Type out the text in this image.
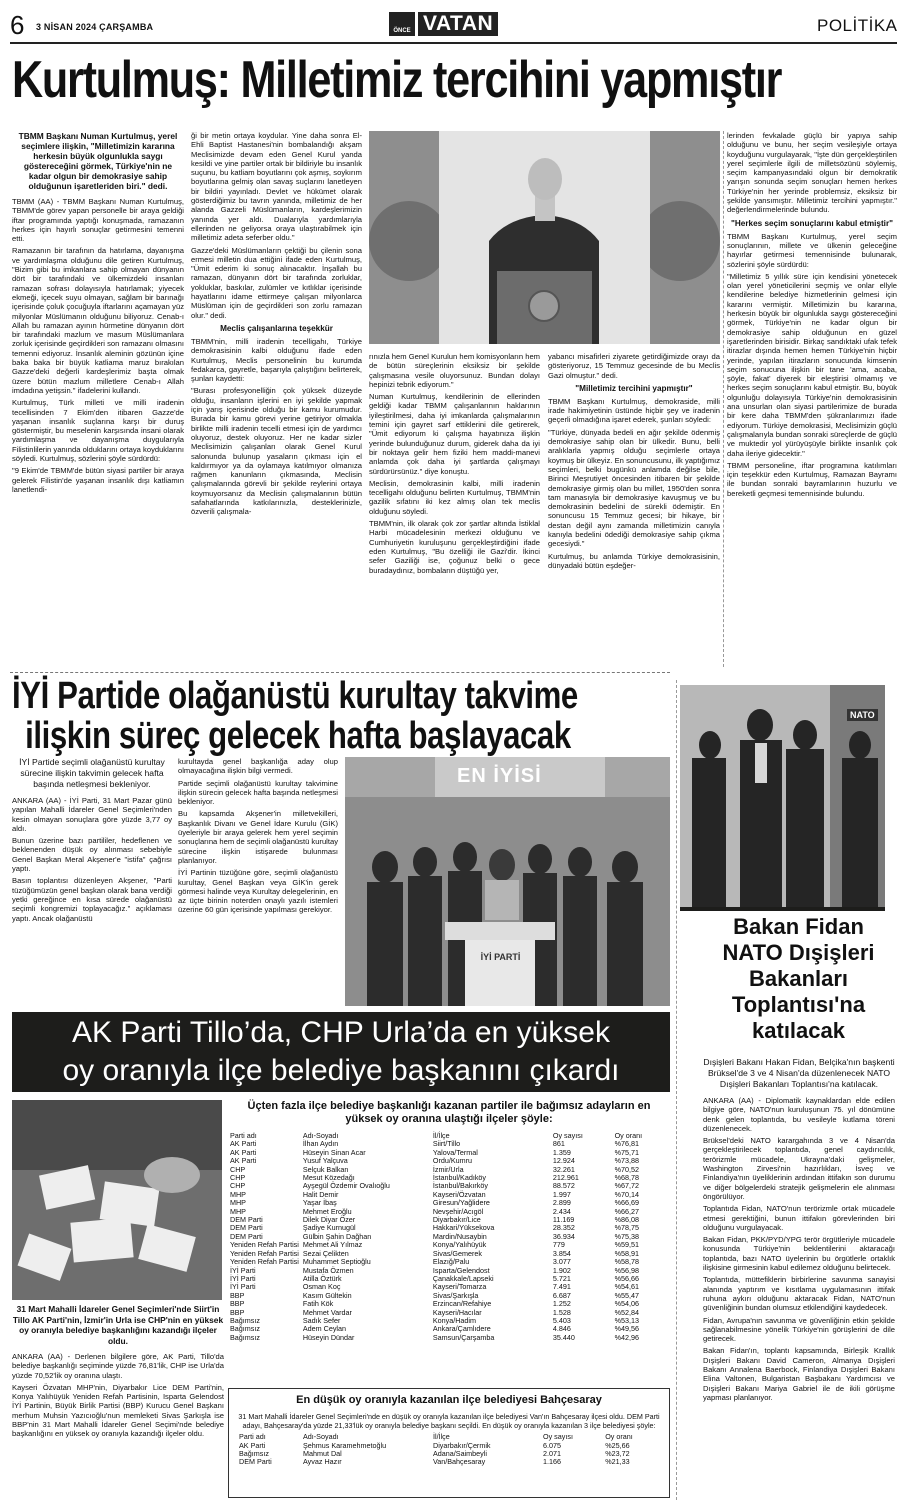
6 3 NİSAN 2024 ÇARŞAMBA	ÖNCE VATAN	POLİTİKA
Kurtulmuş: Milletimiz tercihini yapmıştır
TBMM Başkanı Numan Kurtulmuş, yerel seçimlere ilişkin, "Milletimizin kararına herkesin büyük olgunlukla saygı göstereceğini görmek, Türkiye'nin ne kadar olgun bir demokrasiye sahip olduğunun işaretleriden biri." dedi.

TBMM (AA) - TBMM Başkanı Numan Kurtulmuş, TBMM'de görev yapan personelle bir araya geldiği iftar programında yaptığı konuşmada, ramazanın herkes için hayırlı sonuçlar getirmesini temenni etti.

Ramazanın bir tarafının da hatırlama, dayanışma ve yardımlaşma olduğunu dile getiren Kurtulmuş, "Bizim gibi bu imkanlara sahip olmayan dünyanın dört bir tarafındaki ve ülkemizdeki insanları ramazan sofrası dolayısıyla hatırlamak; yiyecek ekmeği, içecek suyu olmayan, sağlam bir barınağı içerisinde çoluk çocuğuyla iftarlarını açamayan yüz milyonlar Müslümanın olduğunu biliyoruz. Cenab-ı Allah bu ramazan ayının hürmetine dünyanın dört bir tarafındaki mazlum ve masum Müslümanlara zorluk içerisinde geçirdikleri son ramazanı olmasını temenni ediyoruz. İnsanlık aleminin gözünün içine baka baka bir büyük katliama maruz bırakılan Gazze'deki değerli kardeşlerimiz başta olmak üzere bütün mazlum milletlere Cenab-ı Allah imdadına yetişsin." ifadelerini kullandı.

Kurtulmuş, Türk milleti ve milli iradenin tecellisinden 7 Ekim'den itibaren Gazze'de yaşanan insanlık suçlarına karşı bir duruş göstermiştir, bu meselenin karşısında insani olarak yardımlaşma ve dayanışma duygularıyla Filistinlilerin yanında olduklarını ortaya koyduklarını söyledi. Kurtulmuş, sözlerini şöyle sürdürdü:

"9 Ekim'de TBMM'de bütün siyasi partiler bir araya gelerek Filistin'de yaşanan insanlık dışı katliamın lanetlendi-

ği bir metin ortaya koydular. Yine daha sonra El-Ehli Baptist Hastanesi'nin bombalandığı akşam Meclisimizde devam eden Genel Kurul yanda kesildi ve yine partiler ortak bir bildiriyle bu insanlık suçunu, bu katliam boyutlarını çok aşmış, soykırım boyutlarına gelmiş olan savaş suçlarını lanetleyen bir bildiri yayınladı. Devlet ve hükümet olarak gösterdiğimiz bu tavrın yanında, milletimiz de her alanda Gazzeli Müslümanların, kardeşlerimizin yanında yer aldı. Dualarıyla yardımlarıyla ellerinden ne geliyorsa oraya ulaştırabilmek için milletimiz adeta seferber oldu."

Gazze'deki Müslümanların çektiği bu çilenin sona ermesi milletin dua ettiğini ifade eden Kurtulmuş, "Ümit ederim ki sonuç alınacaktır. İnşallah bu ramazan, dünyanın dört bir tarafında zorluklar, yokluklar, baskılar, zulümler ve kıtlıklar içerisinde hayatlarını idame ettirmeye çalışan milyonlarca Müslüman için de geçirdikleri son zorlu ramazan olur." dedi.

Meclis çalışanlarına teşekkür

TBMM'nin, milli iradenin tecelligahı, Türkiye demokrasisinin kalbi olduğunu ifade eden Kurtulmuş, Meclis personelinin bu kurumda fedakarca, gayretle, başarıyla çalıştığını belirterek, şunları kaydetti:

"Burası profesyonelliğin çok yüksek düzeyde olduğu, insanların işlerini en iyi şekilde yapmak için yarış içerisinde olduğu bir kamu kurumudur. Burada bir kamu görevi yerine getiriyor olmakla birlikte milli iradenin tecelli etmesi için de yardımcı oluyoruz, destek oluyoruz. Her ne kadar sizler Meclisimizin çalışanları olarak Genel Kurul salonunda bulunup yasaların çıkması için el kaldırmıyor ya da oylamaya katılmıyor olmanıza rağmen kanunların çıkmasında, Meclisin çalışmalarında görevli bir şekilde reylerini ortaya koymuyorsanız da Meclisin çalışmalarının bütün safahatlarında katkılarınızla, desteklerinizle, özverili çalışmala-

rınızla hem Genel Kurulun hem komisyonların hem de bütün süreçlerinin eksiksiz bir şekilde çalışmasına vesile oluyorsunuz. Bundan dolayı hepinizi tebrik ediyorum."

Numan Kurtulmuş, kendilerinin de ellerinden geldiği kadar TBMM çalışanlarının haklarının iyileştirilmesi, daha iyi imkanlarda çalışmalarının temini için gayret sarf ettiklerini dile getirerek, "Ümit ediyorum ki çalışma hayatınıza ilişkin yerinde bulunduğunuz durum, giderek daha da iyi bir noktaya gelir hem fiziki hem maddi-manevi anlamda çok daha iyi şartlarda çalışmayı sürdürürsünüz." diye konuştu.

Meclisin, demokrasinin kalbi, milli iradenin tecelligahı olduğunu belirten Kurtulmuş, TBMM'nin gazilik sıfatını iki kez almış olan tek meclis olduğunu söyledi.

TBMM'nin, ilk olarak çok zor şartlar altında İstiklal Harbi mücadelesinin merkezi olduğunu ve Cumhuriyetin kuruluşunu gerçekleştirdiğini ifade eden Kurtulmuş, "Bu özelliği ile Gazi'dir. İkinci sefer Gaziliği ise, çoğunuz belki o gece buradaydınız, bombaların düştüğü yer,

yabancı misafirleri ziyarete getirdiğimizde orayı da gösteriyoruz, 15 Temmuz gecesinde de bu Meclis Gazi olmuştur." dedi.

"Milletimiz tercihini yapmıştır"

TBMM Başkanı Kurtulmuş, demokraside, milli irade hakimiyetinin üstünde hiçbir şey ve iradenin geçerli olmadığına işaret ederek, şunları söyledi:

"Türkiye, dünyada bedeli en ağır şekilde ödenmiş demokrasiye sahip olan bir ülkedir. Bunu, belli aralıklarla yapmış olduğu seçimlerle ortaya koymuş bir ülkeyiz. En sonuncusunu, ilk yaptığımız seçimleri, belki bugünkü anlamda değilse bile, Birinci Meşrutiyet öncesinden itibaren bir şekilde demokrasiye girmiş olan bu millet, 1950'den sonra tam manasıyla bir demokrasiye kavuşmuş ve bu demokrasinin bedelini de sürekli ödemiştir. En sonuncusu 15 Temmuz gecesi; bir hikaye, bir destan değil aynı zamanda milletimizin canıyla kanıyla bedelini ödediği demokrasiye sahip çıkma gecesiydi."

Kurtulmuş, bu anlamda Türkiye demokrasisinin, dünyadaki bütün eşdeğer-

lerinden fevkalade güçlü bir yapıya sahip olduğunu ve bunu, her seçim vesileşiyle ortaya koyduğunu vurgulayarak, "İşte dün gerçekleştirilen yerel seçimlerle ilgili de milletsözünü söylemiş, seçim kampanyasındaki olgun bir demokratik yarışın sonunda seçim sonuçları hemen herkes Türkiye'nin her yerinde problemsiz, eksiksiz bir şekilde yansımıştır. Milletimiz tercihini yapmıştır." değerlendirmelerinde bulundu.

"Herkes seçim sonuçlarını kabul etmiştir"

TBMM Başkanı Kurtulmuş, yerel seçim sonuçlarının, millete ve ülkenin geleceğine hayırlar getirmesi temennisinde bulunarak, sözlerini şöyle sürdürdü:

"Milletimiz 5 yıllık süre için kendisini yönetecek olan yerel yöneticilerini seçmiş ve onlar ellyle kendilerine belediye hizmetlerinin gelmesi için kararını vermiştir. Milletimizin bu kararına, herkesin büyük bir olgunlukla saygı göstereceğini görmek, Türkiye'nin ne kadar olgun bir demokrasiye sahip olduğunun en güzel işaretlerinden birisidir. Birkaç sandıktaki ufak tefek itirazlar dışında hemen hemen Türkiye'nin hiçbir yerinde, yapılan itirazların sonucunda kimsenin seçim sonucuna ilişkin bir tane 'ama, acaba, şöyle, fakat' diyerek bir eleştirisi olmamış ve herkes seçim sonuçlarını kabul etmiştir. Bu, büyük olgunluğu dolayısıyla Türkiye'nin demokrasisinin ana unsurları olan siyasi partilerimize de burada bir kere daha TBMM'den şükranlarımızı ifade ediyorum. Türkiye demokrasisi, Meclisimizin güçlü çalışmalarıyla bundan sonraki süreçlerde de güçlü ve muktedir yol yürüyüşüyle birlikte insanlık çok daha ileriye gidecektir."

TBMM personeline, iftar programına katılımları için teşekkür eden Kurtulmuş, Ramazan Bayramı ile bundan sonraki bayramlarının huzurlu ve bereketli geçmesi temennisinde bulundu.

İYİ Partide olağanüstü kurultay takvime
ilişkin süreç gelecek hafta başlayacak
İYİ Partide seçimli olağanüstü kurultay sürecine ilişkin takvimin gelecek hafta başında netleşmesi bekleniyor.

ANKARA (AA) - İYİ Parti, 31 Mart Pazar günü yapılan Mahalli İdareler Genel Seçimleri'nden kesin olmayan sonuçlara göre yüzde 3,77 oy aldı.

Bunun üzerine bazı partililer, hedeflenen ve beklenenden düşük oy alınması sebebiyle Genel Başkan Meral Akşener'e "istifa" çağrısı yaptı.

Basın toplantısı düzenleyen Akşener, "Parti tüzüğümüzün genel başkan olarak bana verdiği yetki gereğince en kısa sürede olağanüstü seçimli kongremizi toplayacağız." açıklaması yaptı. Ancak olağanüstü

kurultayda genel başkanlığa aday olup olmayacağına ilişkin bilgi vermedi.

Partide seçimli olağanüstü kurultay takvimine ilişkin sürecin gelecek hafta başında netleşmesi bekleniyor.

Bu kapsamda Akşener'in milletvekilleri, Başkanlık Divanı ve Genel İdare Kurulu (GİK) üyeleriyle bir araya gelerek hem yerel seçimin sonuçlarına hem de seçimli olağanüstü kurultay sürecine ilişkin istişarede bulunması planlanıyor.

İYİ Partinin tüzüğüne göre, seçimli olağanüstü kurultay, Genel Başkan veya GİK'in gerek görmesi halinde veya Kurultay delegelerinin, en az üçte birinin noterden onaylı yazılı istemleri üzerine 60 gün içerisinde yapılması gerekiyor.

EN İYİSİ
İYİ PARTİ
NATO
Bakan Fidan NATO Dışişleri Bakanları Toplantısı'na katılacak
Dışişleri Bakanı Hakan Fidan, Belçika'nın başkenti Brüksel'de 3 ve 4 Nisan'da düzenlenecek NATO Dışişleri Bakanları Toplantısı'na katılacak.

ANKARA (AA) - Diplomatik kaynaklardan elde edilen bilgiye göre, NATO'nun kuruluşunun 75. yıl dönümüne denk gelen toplantıda, bu vesileyle kutlama töreni düzenlenecek.

Brüksel'deki NATO karargahında 3 ve 4 Nisan'da gerçekleştirilecek toplantıda, genel caydırıcılık, terörizmle mücadele, Ukrayna'daki gelişmeler, Washington Zirvesi'nin hazırlıkları, İsveç ve Finlandiya'nın üyeliklerinin ardından ittifakın son durumu ve diğer bölgelerdeki stratejik gelişmelerin ele alınması öngörülüyor.

Toplantıda Fidan, NATO'nun terörizmle ortak mücadele etmesi gerektiğini, bunun ittifakın görevlerinden biri olduğunu vurgulayacak.

Bakan Fidan, PKK/PYD/YPG terör örgütleriyle mücadele konusunda Türkiye'nin beklentilerini aktaracağı toplantıda, bazı NATO üyelerinin bu örgütlerle ortaklık ilişkisine girmesinin kabul edilemez olduğunu belirtecek.

Toplantıda, müttefiklerin birbirlerine savunma sanayisi alanında yaptırım ve kısıtlama uygulamasının ittifak ruhuna aykırı olduğunu aktaracak Fidan, NATO'nun güvenliğinin bundan olumsuz etkilendiğini kaydedecek.

Fidan, Avrupa'nın savunma ve güvenliğinin etkin şekilde sağlanabilmesine yönelik Türkiye'nin görüşlerini de dile getirecek.

Bakan Fidan'ın, toplantı kapsamında, Birleşik Krallık Dışişleri Bakanı David Cameron, Almanya Dışişleri Bakanı Annalena Baerbock, Finlandiya Dışişleri Bakanı Elina Valtonen, Bulgaristan Başbakanı Yardımcısı ve Dışişleri Bakanı Mariya Gabriel ile de ikili görüşme yapması planlanıyor.

AK Parti Tillo’da, CHP Urla’da en yüksek
oy oranıyla ilçe belediye başkanını çıkardı
31 Mart Mahalli İdareler Genel Seçimleri'nde Siirt'in Tillo AK Parti'nin, İzmir'in Urla ise CHP'nin en yüksek oy oranıyla belediye başkanlığını kazandığı ilçeler oldu.

ANKARA (AA) - Derlenen bilgilere göre, AK Parti, Tillo'da belediye başkanlığı seçiminde yüzde 76,81'lik, CHP ise Urla'da yüzde 70,52'lik oy oranına ulaştı.

Kayseri Özvatan MHP'nin, Diyarbakır Lice DEM Parti'nin, Konya Yalıhüyük Yeniden Refah Partisinin, Isparta Gelendost İYİ Partinin, Büyük Birlik Partisi (BBP) Kurucu Genel Başkanı merhum Muhsin Yazıcıoğlu'nun memleketi Sivas Şarkışla ise BBP'nin 31 Mart Mahalli İdareler Genel Seçimi'nde belediye başkanlığını en yüksek oy oranıyla kazandığı ilçeler oldu.

Üçten fazla ilçe belediye başkanlığı kazanan partiler ile bağımsız adayların en yüksek oy oranına ulaştığı ilçeler şöyle:
Parti adı	Adı-Soyadı	İl/İlçe	Oy sayısı	Oy oranı
AK Parti	İlhan Aydın	Siirt/Tillo	861	%76,81
AK Parti	Hüseyin Sinan Acar	Yalova/Termal	1.359	%75,71
AK Parti	Yusuf Yalçuva	Ordu/Kumru	12.924	%73,88
CHP	Selçuk Balkan	İzmir/Urla	32.261	%70,52
CHP	Mesut Közedağı	İstanbul/Kadıköy	212.961	%68,78
CHP	Ayşegül Özdemir Ovalıoğlu	İstanbul/Bakırköy	88.572	%67,72
MHP	Halit Demir	Kayseri/Özvatan	1.997	%70,14
MHP	Yaşar İbaş	Giresun/Yağlidere	2.899	%66,69
MHP	Mehmet Eroğlu	Nevşehir/Acıgöl	2.434	%66,27
DEM Parti	Dilek Diyar Özer	Diyarbakır/Lice	11.169	%86,08
DEM Parti	Şadiye Kurnugül	Hakkari/Yüksekova	28.352	%78,75
DEM Parti	Gülbin Şahin Dağhan	Mardin/Nusaybin	36.934	%75,38
Yeniden Refah Partisi	Mehmet Ali Yılmaz	Konya/Yalıhüyük	779	%59,51
Yeniden Refah Partisi	Sezai Çelikten	Sivas/Gemerek	3.854	%58,91
Yeniden Refah Partisi	Muhammet Septioğlu	Elazığ/Palu	3.077	%58,78
İYİ Parti	Mustafa Özmen	Isparta/Gelendost	1.902	%56,98
İYİ Parti	Atilla Öztürk	Çanakkale/Lapseki	5.721	%56,66
İYİ Parti	Osman Koç	Kayseri/Tomarza	7.491	%54,61
BBP	Kasım Gültekin	Sivas/Şarkışla	6.687	%55,47
BBP	Fatih Kök	Erzincan/Refahiye	1.252	%54,06
BBP	Mehmet Vardar	Kayseri/Hacılar	1.528	%52,84
Bağımsız	Sadık Sefer	Konya/Hadim	5.403	%53,13
Bağımsız	Adem Ceylan	Ankara/Çamlıdere	4.846	%49,56
Bağımsız	Hüseyin Dündar	Samsun/Çarşamba	35.440	%42,96
En düşük oy oranıyla kazanılan ilçe belediyesi Bahçesaray
31 Mart Mahalli İdareler Genel Seçimleri'nde en düşük oy oranıyla kazanılan ilçe belediyesi Van'ın Bahçesaray ilçesi oldu. DEM Parti adayı, Bahçesaray'da yüzde 21,33'lük oy oranıyla belediye başkanı seçildi. En düşük oy oranıyla kazanılan 3 ilçe belediyesi şöyle:
Parti adı	Adı-Soyadı	İl/İlçe	Oy sayısı	Oy oranı
AK Parti	Şehmus Karamehmetoğlu	Diyarbakır/Çermik	6.075	%25,66
Bağımsız	Mahmut Dal	Adana/Saimbeyli	2.071	%23,72
DEM Parti	Ayvaz Hazır	Van/Bahçesaray	1.166	%21,33
